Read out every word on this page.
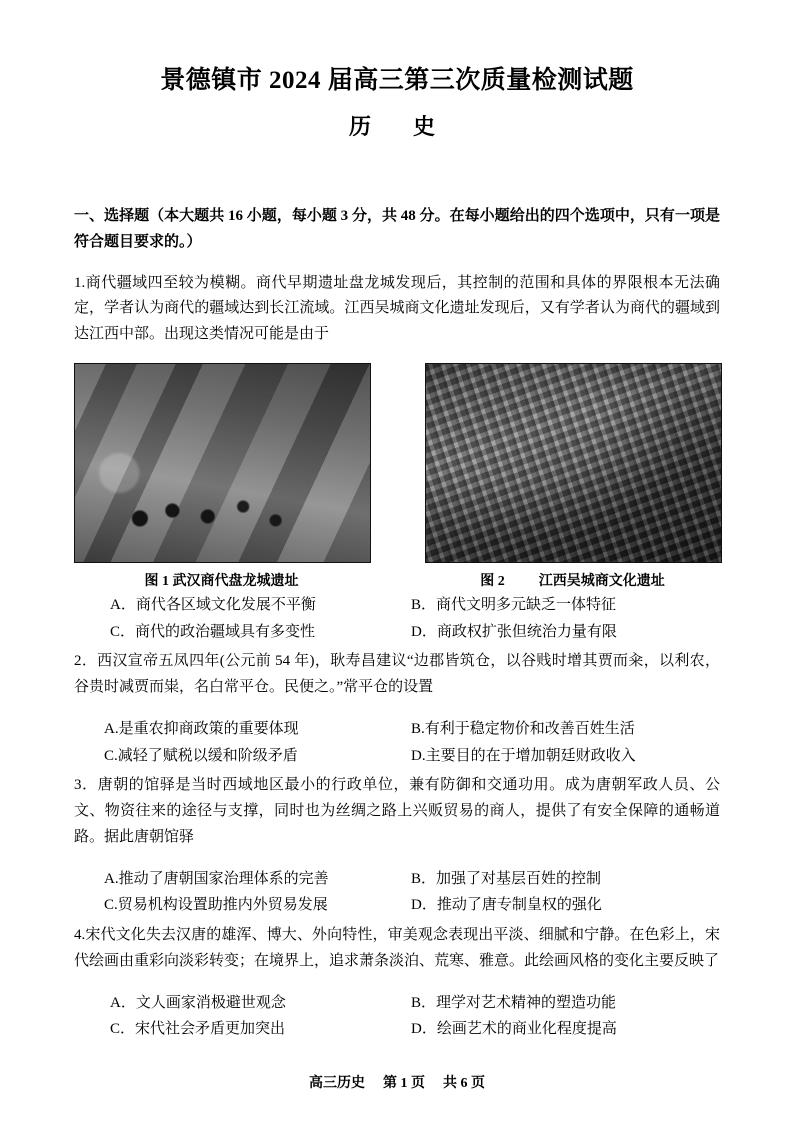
景德镇市 2024 届高三第三次质量检测试题
历　史

一、选择题（本大题共 16 小题，每小题 3 分，共 48 分。在每小题给出的四个选项中，只有一项是符合题目要求的。）

1.商代疆域四至较为模糊。商代早期遗址盘龙城发现后，其控制的范围和具体的界限根本无法确定，学者认为商代的疆域达到长江流域。江西吴城商文化遗址发现后，又有学者认为商代的疆域到达江西中部。出现这类情况可能是由于

图 1 武汉商代盘龙城遗址	图 2 江西吴城商文化遗址
A．商代各区域文化发展不平衡	B．商代文明多元缺乏一体特征
C．商代的政治疆域具有多变性	D．商政权扩张但统治力量有限

2．西汉宣帝五凤四年(公元前 54 年)，耿寿昌建议“边郡皆筑仓，以谷贱时增其贾而籴，以利农，谷贵时减贾而粜，名白常平仓。民便之。”常平仓的设置

A.是重农抑商政策的重要体现	B.有利于稳定物价和改善百姓生活
C.减轻了赋税以缓和阶级矛盾	D.主要目的在于增加朝廷财政收入

3．唐朝的馆驿是当时西域地区最小的行政单位，兼有防御和交通功用。成为唐朝军政人员、公文、物资往来的途径与支撑，同时也为丝绸之路上兴贩贸易的商人，提供了有安全保障的通畅道路。据此唐朝馆驿

A.推动了唐朝国家治理体系的完善	B．加强了对基层百姓的控制
C.贸易机构设置助推内外贸易发展	D．推动了唐专制皇权的强化

4.宋代文化失去汉唐的雄浑、博大、外向特性，审美观念表现出平淡、细腻和宁静。在色彩上，宋代绘画由重彩向淡彩转变；在境界上，追求萧条淡泊、荒寒、雅意。此绘画风格的变化主要反映了

A．文人画家消极避世观念	B．理学对艺术精神的塑造功能
C．宋代社会矛盾更加突出	D．绘画艺术的商业化程度提高
高三历史 第 1 页 共 6 页
